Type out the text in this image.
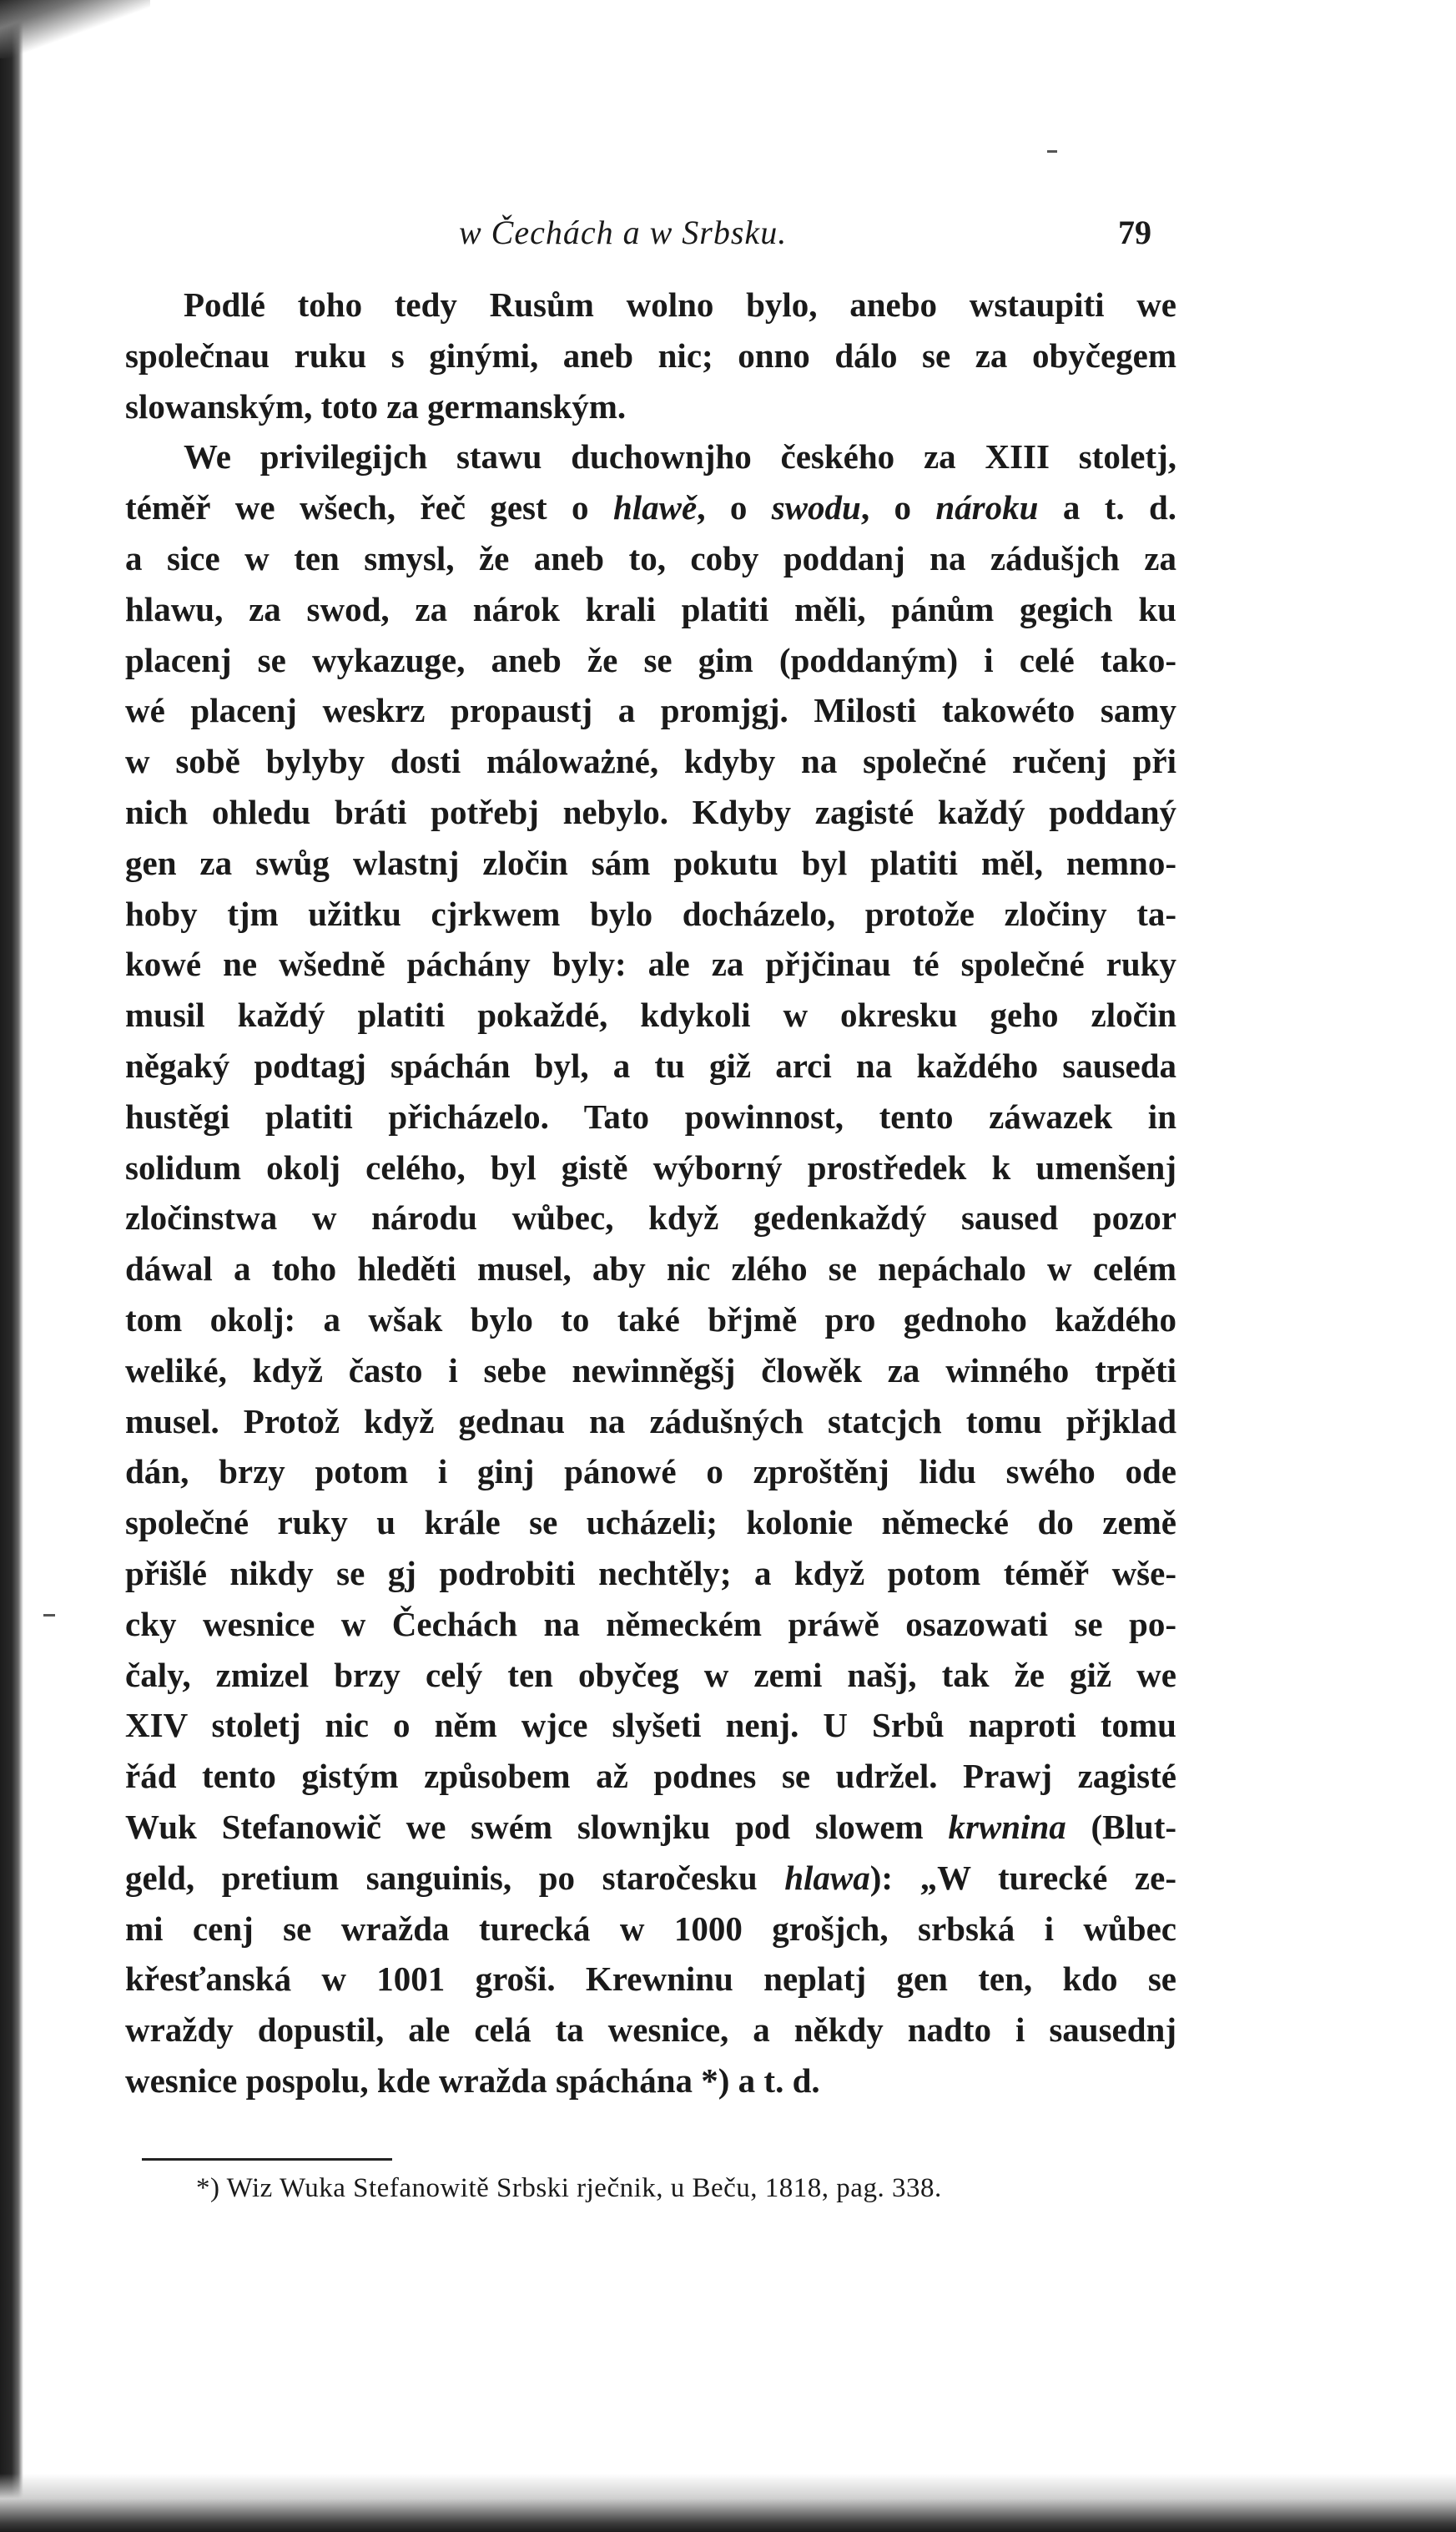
w Čechách a w Srbsku.	79
Podlé toho tedy Rusům wolno bylo, anebo wstaupiti we
společnau ruku s ginými, aneb nic; onno dálo se za obyčegem
slowanským, toto za germanským.
We privilegijch stawu duchownjho českého za XIII stoletj,
téměř we wšech, řeč gest o hlawě, o swodu, o nároku a t. d.
a sice w ten smysl, že aneb to, coby poddanj na zádušjch za
hlawu, za swod, za nárok krali platiti měli, pánům gegich ku
placenj se wykazuge, aneb že se gim (poddaným) i celé tako-
wé placenj weskrz propaustj a promjgj. Milosti takowéto samy
w sobě bylyby dosti máloważné, kdyby na společné ručenj při
nich ohledu bráti potřebj nebylo. Kdyby zagisté každý poddaný
gen za swůg wlastnj zločin sám pokutu byl platiti měl, nemno-
hoby tjm užitku cjrkwem bylo docházelo, protože zločiny ta-
kowé ne wšedně páchány byly: ale za přjčinau té společné ruky
musil každý platiti pokaždé, kdykoli w okresku geho zločin
něgaký podtagj spáchán byl, a tu giž arci na každého sauseda
hustěgi platiti přicházelo. Tato powinnost, tento záwazek in
solidum okolj celého, byl gistě wýborný prostředek k umenšenj
zločinstwa w národu wůbec, když gedenkaždý saused pozor
dáwal a toho hleděti musel, aby nic zlého se nepáchalo w celém
tom okolj: a wšak bylo to také břjmě pro gednoho každého
weliké, když často i sebe newinněgšj člowěk za winného trpěti
musel. Protož když gednau na zádušných statcjch tomu přjklad
dán, brzy potom i ginj pánowé o zproštěnj lidu swého ode
společné ruky u krále se ucházeli; kolonie německé do země
přišlé nikdy se gj podrobiti nechtěly; a když potom téměř wše-
cky wesnice w Čechách na německém práwě osazowati se po-
čaly, zmizel brzy celý ten obyčeg w zemi našj, tak že giž we
XIV stoletj nic o něm wjce slyšeti nenj. U Srbů naproti tomu
řád tento gistým způsobem až podnes se udržel. Prawj zagisté
Wuk Stefanowič we swém slownjku pod slowem krwnina (Blut-
geld, pretium sanguinis, po staročesku hlawa): „W turecké ze-
mi cenj se wražda turecká w 1000 grošjch, srbská i wůbec
křesťanská w 1001 groši. Krewninu neplatj gen ten, kdo se
wraždy dopustil, ale celá ta wesnice, a někdy nadto i sausednj
wesnice pospolu, kde wražda spáchána *) a t. d.
*) Wiz Wuka Stefanowitě Srbski rječnik, u Beču, 1818, pag. 338.
